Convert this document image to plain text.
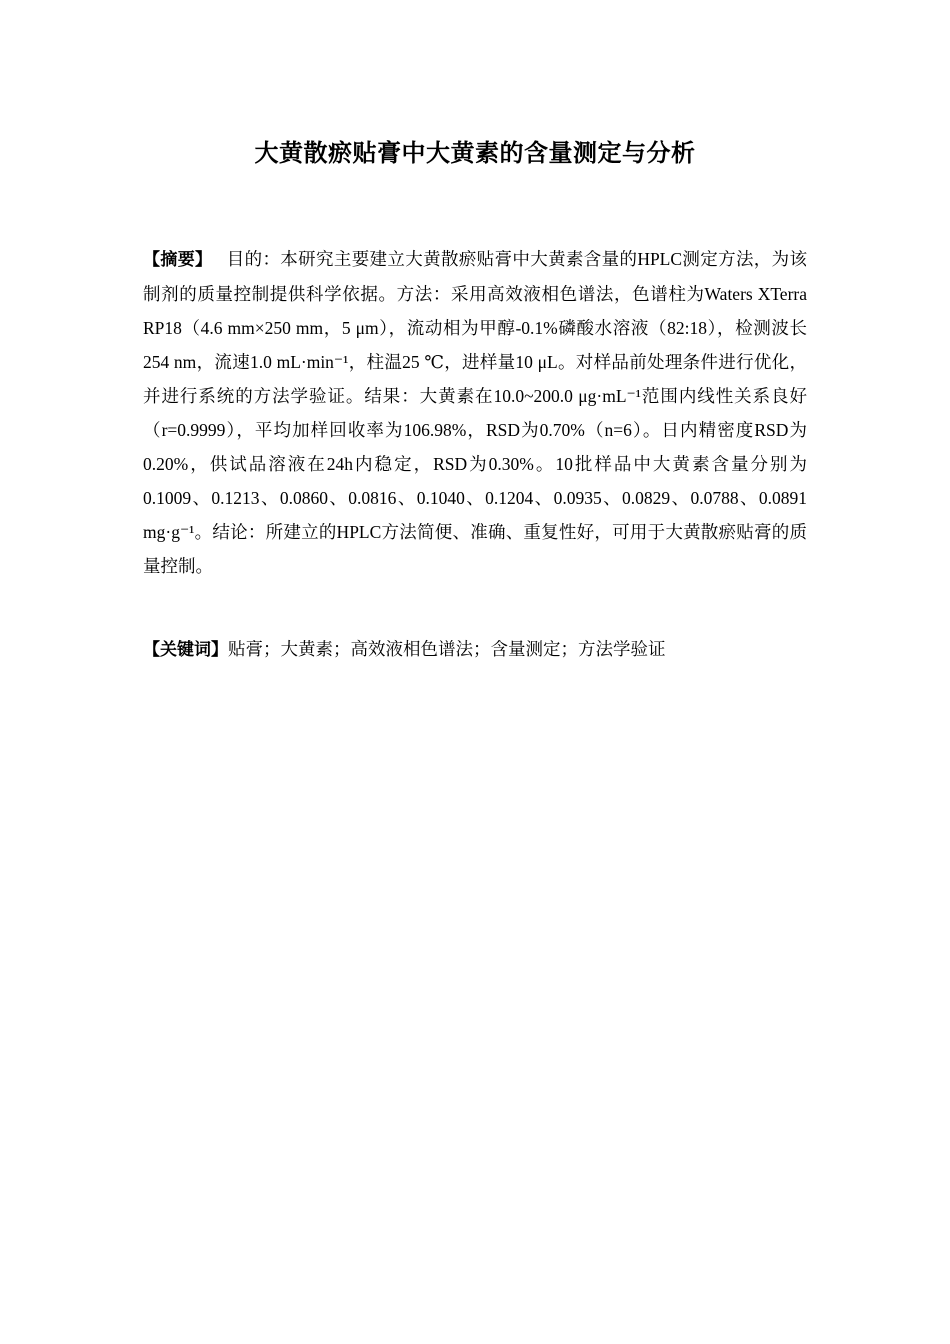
大黄散瘀贴膏中大黄素的含量测定与分析
【摘要】 目的：本研究主要建立大黄散瘀贴膏中大黄素含量的HPLC测定方法，为该制剂的质量控制提供科学依据。方法：采用高效液相色谱法，色谱柱为Waters XTerra RP18（4.6 mm×250 mm，5 μm），流动相为甲醇-0.1%磷酸水溶液（82:18），检测波长254 nm，流速1.0 mL·min⁻¹，柱温25 ℃，进样量10 μL。对样品前处理条件进行优化，并进行系统的方法学验证。结果：大黄素在10.0~200.0 μg·mL⁻¹范围内线性关系良好（r=0.9999），平均加样回收率为106.98%，RSD为0.70%（n=6）。日内精密度RSD为0.20%，供试品溶液在24h内稳定，RSD为0.30%。10批样品中大黄素含量分别为0.1009、0.1213、0.0860、0.0816、0.1040、0.1204、0.0935、0.0829、0.0788、0.0891 mg·g⁻¹。结论：所建立的HPLC方法简便、准确、重复性好，可用于大黄散瘀贴膏的质量控制。
【关键词】贴膏；大黄素；高效液相色谱法；含量测定；方法学验证
